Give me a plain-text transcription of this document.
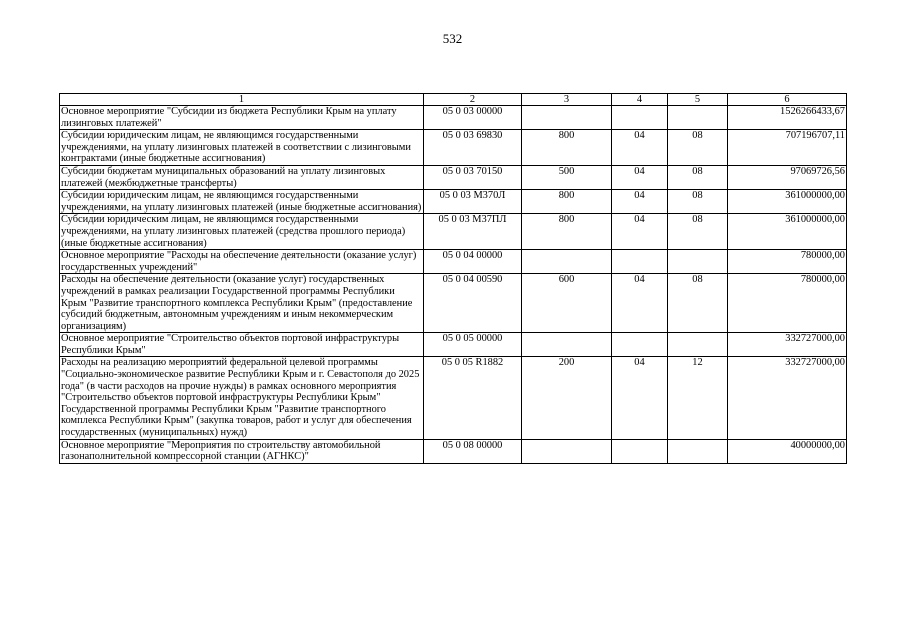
532
1	2	3	4	5	6
Основное мероприятие "Субсидии из бюджета Республики Крым на уплату лизинговых платежей"	05 0 03 00000				1526266433,67
Субсидии юридическим лицам, не являющимся государственными учреждениями, на уплату лизинговых платежей в соответствии с лизинговыми контрактами (иные бюджетные ассигнования)	05 0 03 69830	800	04	08	707196707,11
Субсидии бюджетам муниципальных образований на уплату лизинговых платежей (межбюджетные трансферты)	05 0 03 70150	500	04	08	97069726,56
Субсидии юридическим лицам, не являющимся государственными учреждениями, на уплату лизинговых платежей (иные бюджетные ассигнования)	05 0 03 М370Л	800	04	08	361000000,00
Субсидии юридическим лицам, не являющимся государственными учреждениями, на уплату лизинговых платежей (средства прошлого периода) (иные бюджетные ассигнования)	05 0 03 М37ПЛ	800	04	08	361000000,00
Основное мероприятие "Расходы на обеспечение деятельности (оказание услуг) государственных учреждений"	05 0 04 00000				780000,00
Расходы на обеспечение деятельности (оказание услуг) государственных учреждений в рамках реализации Государственной программы Республики Крым "Развитие транспортного комплекса Республики Крым" (предоставление субсидий бюджетным, автономным учреждениям и иным некоммерческим организациям)	05 0 04 00590	600	04	08	780000,00
Основное мероприятие "Строительство объектов портовой инфраструктуры Республики Крым"	05 0 05 00000				332727000,00
Расходы на реализацию мероприятий федеральной целевой программы "Социально-экономическое развитие Республики Крым и г. Севастополя до 2025 года" (в части расходов на прочие нужды) в рамках основного мероприятия "Строительство объектов портовой инфраструктуры Республики Крым" Государственной программы Республики Крым "Развитие транспортного комплекса Республики Крым" (закупка товаров, работ и услуг для обеспечения государственных (муниципальных) нужд)	05 0 05 R1882	200	04	12	332727000,00
Основное мероприятие "Мероприятия по строительству автомобильной газонаполнительной компрессорной станции (АГНКС)"	05 0 08 00000				40000000,00
